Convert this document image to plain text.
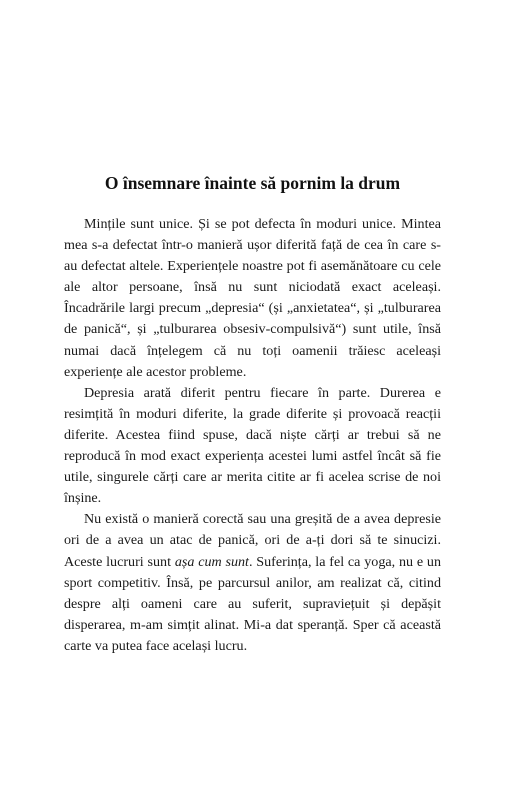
O însemnare înainte să pornim la drum

Mințile sunt unice. Și se pot defecta în moduri unice. Mintea mea s-a defectat într-o manieră ușor diferită față de cea în care s-au defectat altele. Experiențele noastre pot fi asemănătoare cu cele ale altor persoane, însă nu sunt niciodată exact aceleași. Încadrările largi precum „depresia“ (și „anxietatea“, și „tulburarea de panică“, și „tulburarea obsesiv-compulsivă“) sunt utile, însă numai dacă înțelegem că nu toți oamenii trăiesc aceleași experiențe ale acestor probleme.

Depresia arată diferit pentru fiecare în parte. Durerea e resimțită în moduri diferite, la grade diferite și provoacă reacții diferite. Acestea fiind spuse, dacă niște cărți ar trebui să ne reproducă în mod exact experiența acestei lumi astfel încât să fie utile, singurele cărți care ar merita citite ar fi acelea scrise de noi înșine.

Nu există o manieră corectă sau una greșită de a avea depresie ori de a avea un atac de panică, ori de a-ți dori să te sinucizi. Aceste lucruri sunt așa cum sunt. Suferința, la fel ca yoga, nu e un sport competitiv. Însă, pe parcursul anilor, am realizat că, citind despre alți oameni care au suferit, supraviețuit și depășit disperarea, m-am simțit alinat. Mi-a dat speranță. Sper că această carte va putea face același lucru.
